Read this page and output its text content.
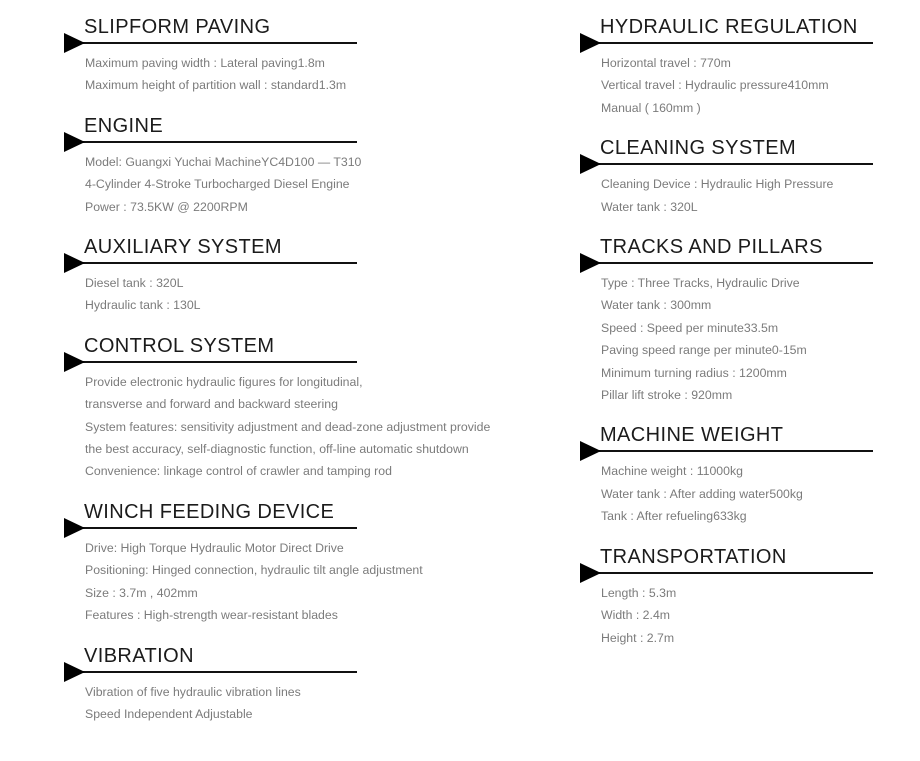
SLIPFORM PAVING

Maximum paving width : Lateral paving1.8m

Maximum height of partition wall : standard1.3m

ENGINE

Model: Guangxi Yuchai MachineYC4D100 — T310

4-Cylinder 4-Stroke Turbocharged Diesel Engine

Power : 73.5KW @ 2200RPM

AUXILIARY SYSTEM

Diesel tank : 320L

Hydraulic tank : 130L

CONTROL SYSTEM

Provide electronic hydraulic figures for longitudinal,

transverse and forward and backward steering

System features: sensitivity adjustment and dead-zone adjustment provide

the best accuracy, self-diagnostic function, off-line automatic shutdown

Convenience: linkage control of crawler and tamping rod

WINCH FEEDING DEVICE

Drive: High Torque Hydraulic Motor Direct Drive

Positioning: Hinged connection, hydraulic tilt angle adjustment

Size : 3.7m , 402mm

Features : High-strength wear-resistant blades

VIBRATION

Vibration of five hydraulic vibration lines

Speed Independent Adjustable

HYDRAULIC REGULATION

Horizontal travel : 770m

Vertical travel : Hydraulic pressure410mm

Manual ( 160mm )

CLEANING SYSTEM

Cleaning Device : Hydraulic High Pressure

Water tank : 320L

TRACKS AND PILLARS

Type : Three Tracks, Hydraulic Drive

Water tank : 300mm

Speed : Speed per minute33.5m

Paving speed range per minute0-15m

Minimum turning radius : 1200mm

Pillar lift stroke : 920mm

MACHINE WEIGHT

Machine weight : 11000kg

Water tank : After adding water500kg

Tank : After refueling633kg

TRANSPORTATION

Length : 5.3m

Width : 2.4m

Height : 2.7m
